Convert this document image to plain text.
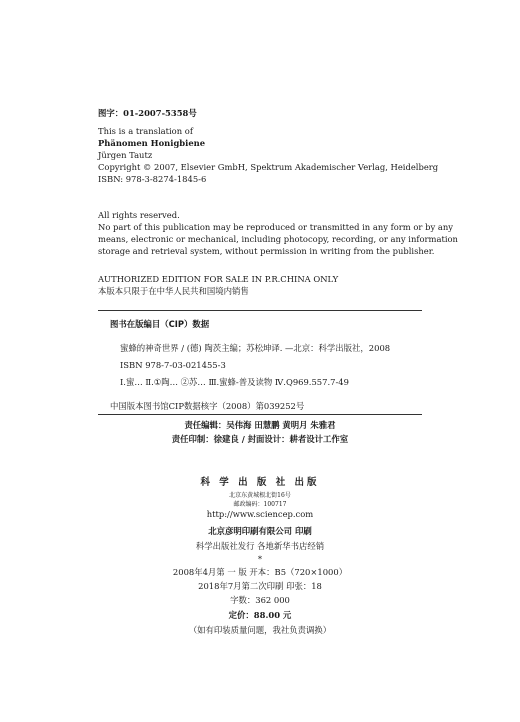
图字：01-2007-5358号
This is a translation of
Phänomen Honigbiene
Jürgen Tautz
Copyright © 2007, Elsevier GmbH, Spektrum Akademischer Verlag, Heidelberg
ISBN: 978-3-8274-1845-6
All rights reserved.
No part of this publication may be reproduced or transmitted in any form or by any
means, electronic or mechanical, including photocopy, recording, or any information
storage and retrieval system, without permission in writing from the publisher.
AUTHORIZED EDITION FOR SALE IN P.R.CHINA ONLY
本版本只限于在中华人民共和国境内销售
图书在版编目（CIP）数据
蜜蜂的神奇世界 / (德) 陶茨主编；苏松坤译. —北京：科学出版社，2008
ISBN 978-7-03-021455-3
Ⅰ.蜜… Ⅱ.①陶… ②苏… Ⅲ.蜜蜂-普及读物 Ⅳ.Q969.557.7-49
中国版本图书馆CIP数据核字（2008）第039252号
责任编辑：吴伟海 田慧鹏 黄明月 朱雅君
责任印制：徐建良 / 封面设计：耕者设计工作室
科 学 出 版 社 出版
北京东黄城根北街16号
邮政编码：100717
http://www.sciencep.com
北京彦明印刷有限公司 印刷
科学出版社发行 各地新华书店经销
*
2008年4月第 一 版 开本：B5（720×1000）
2018年7月第二次印刷 印张：18
字数：362 000
定价：88.00 元
（如有印装质量问题，我社负责调换）
